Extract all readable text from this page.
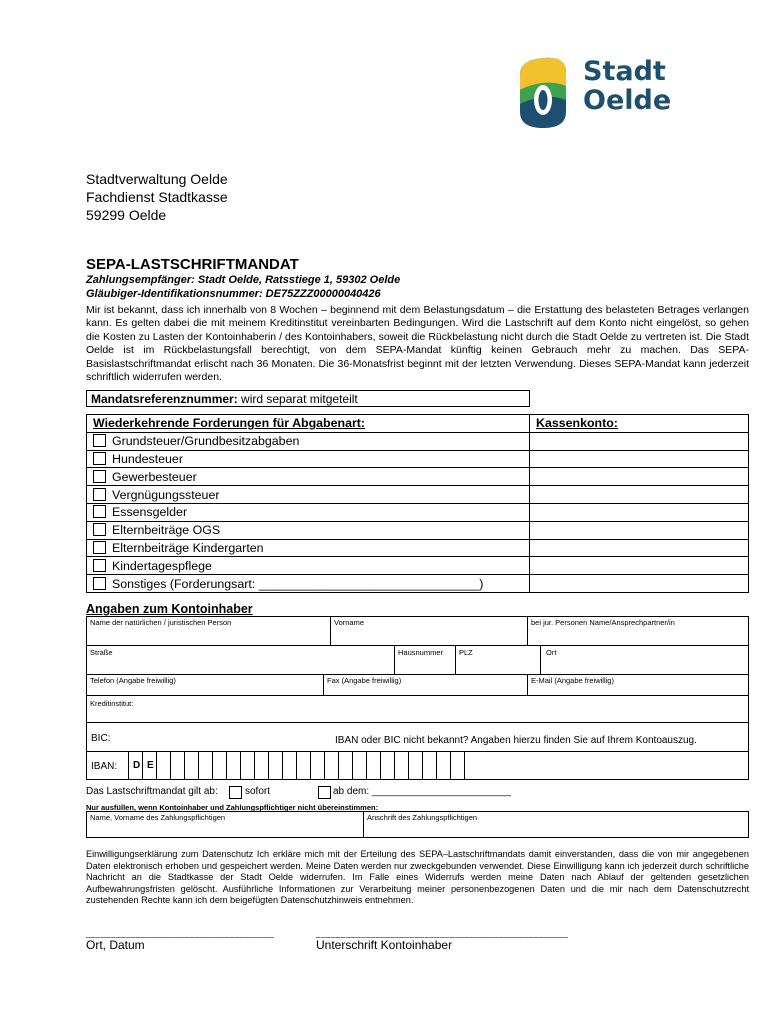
Stadt
Oelde
Stadtverwaltung Oelde
Fachdienst Stadtkasse
59299 Oelde
SEPA-LASTSCHRIFTMANDAT
Zahlungsempfänger: Stadt Oelde, Ratsstiege 1, 59302 Oelde
Gläubiger-Identifikationsnummer: DE75ZZZ00000040426
Mir ist bekannt, dass ich innerhalb von 8 Wochen – beginnend mit dem Belastungsdatum – die Erstattung des belasteten Betrages verlangen kann. Es gelten dabei die mit meinem Kreditinstitut vereinbarten Bedingungen. Wird die Lastschrift auf dem Konto nicht eingelöst, so gehen die Kosten zu Lasten der Kontoinhaberin / des Kontoinhabers, soweit die Rückbelastung nicht durch die Stadt Oelde zu vertreten ist. Die Stadt Oelde ist im Rückbelastungsfall berechtigt, von dem SEPA-Mandat künftig keinen Gebrauch mehr zu machen. Das SEPA-Basislastschriftmandat erlischt nach 36 Monaten. Die 36-Monatsfrist beginnt mit der letzten Verwendung. Dieses SEPA-Mandat kann jederzeit schriftlich widerrufen werden.
Mandatsreferenznummer: wird separat mitgeteilt
Wiederkehrende Forderungen für Abgabenart:	Kassenkonto:
Grundsteuer/Grundbesitzabgaben	
Hundesteuer	
Gewerbesteuer	
Vergnügungssteuer	
Essensgelder	
Elternbeiträge OGS	
Elternbeiträge Kindergarten	
Kindertagespflege	
Sonstiges (Forderungsart: ________________________________)	
Angaben zum Kontoinhaber
Name der natürlichen / juristischen Person	Vorname	bei jur. Personen Name/Ansprechpartner/in
Straße	Hausnummer PLZ	Ort
Telefon (Angabe freiwillig)	Fax (Angabe freiwillig)	E-Mail (Angabe freiwillig)
Kreditinstitut:
BIC:	IBAN oder BIC nicht bekannt? Angaben hierzu finden Sie auf Ihrem Kontoauszug.
IBAN: D E
Das Lastschriftmandat gilt ab:	sofort	ab dem: _________________________
Nur ausfüllen, wenn Kontoinhaber und Zahlungspflichtiger nicht übereinstimmen:
Name, Vorname des Zahlungspflichtigen	Anschrift des Zahlungspflichtigen
Einwilligungserklärung zum Datenschutz Ich erkläre mich mit der Erteilung des SEPA–Lastschriftmandats damit einverstanden, dass die von mir angegebenen Daten elektronisch erhoben und gespeichert werden. Meine Daten werden nur zweckgebunden verwendet. Diese Einwilligung kann ich jederzeit durch schriftliche Nachricht an die Stadtkasse der Stadt Oelde widerrufen. Im Falle eines Widerrufs werden meine Daten nach Ablauf der geltenden gesetzlichen Aufbewahrungsfristen gelöscht. Ausführliche Informationen zur Verarbeitung meiner personenbezogenen Daten und die mir nach dem Datenschutzrecht zustehenden Rechte kann ich dem beigefügten Datenschutzhinweis entnehmen.
______________________________________	___________________________________________________
Ort, Datum	Unterschrift Kontoinhaber
